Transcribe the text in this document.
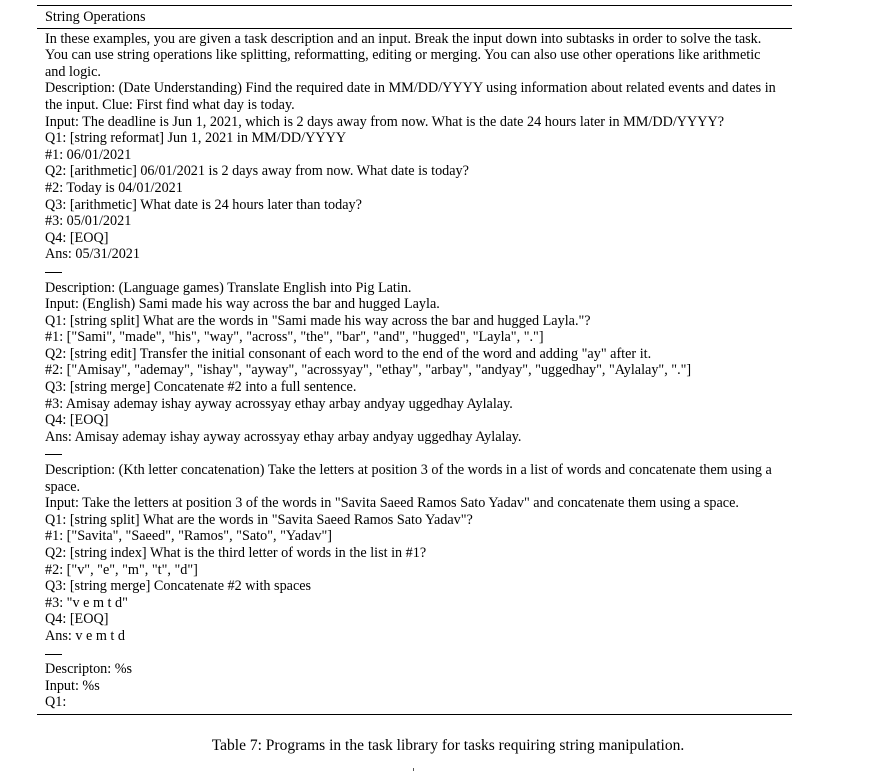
String Operations
In these examples, you are given a task description and an input. Break the input down into subtasks in order to solve the task. You can use string operations like splitting, reformatting, editing or merging. You can also use other operations like arithmetic and logic.
Description: (Date Understanding) Find the required date in MM/DD/YYYY using information about related events and dates in the input. Clue: First find what day is today.
Input: The deadline is Jun 1, 2021, which is 2 days away from now. What is the date 24 hours later in MM/DD/YYYY?
Q1: [string reformat] Jun 1, 2021 in MM/DD/YYYY
#1: 06/01/2021
Q2: [arithmetic] 06/01/2021 is 2 days away from now. What date is today?
#2: Today is 04/01/2021
Q3: [arithmetic] What date is 24 hours later than today?
#3: 05/01/2021
Q4: [EOQ]
Ans: 05/31/2021
Description: (Language games) Translate English into Pig Latin.
Input: (English) Sami made his way across the bar and hugged Layla.
Q1: [string split] What are the words in "Sami made his way across the bar and hugged Layla."?
#1: ["Sami", "made", "his", "way", "across", "the", "bar", "and", "hugged", "Layla", "."]
Q2: [string edit] Transfer the initial consonant of each word to the end of the word and adding "ay" after it.
#2: ["Amisay", "ademay", "ishay", "ayway", "acrossyay", "ethay", "arbay", "andyay", "uggedhay", "Aylalay", "."]
Q3: [string merge] Concatenate #2 into a full sentence.
#3: Amisay ademay ishay ayway acrossyay ethay arbay andyay uggedhay Aylalay.
Q4: [EOQ]
Ans: Amisay ademay ishay ayway acrossyay ethay arbay andyay uggedhay Aylalay.
Description: (Kth letter concatenation) Take the letters at position 3 of the words in a list of words and concatenate them using a space.
Input: Take the letters at position 3 of the words in "Savita Saeed Ramos Sato Yadav" and concatenate them using a space.
Q1: [string split] What are the words in "Savita Saeed Ramos Sato Yadav"?
#1: ["Savita", "Saeed", "Ramos", "Sato", "Yadav"]
Q2: [string index] What is the third letter of words in the list in #1?
#2: ["v", "e", "m", "t", "d"]
Q3: [string merge] Concatenate #2 with spaces
#3: "v e m t d"
Q4: [EOQ]
Ans: v e m t d
Descripton: %s
Input: %s
Q1:
Table 7: Programs in the task library for tasks requiring string manipulation.
